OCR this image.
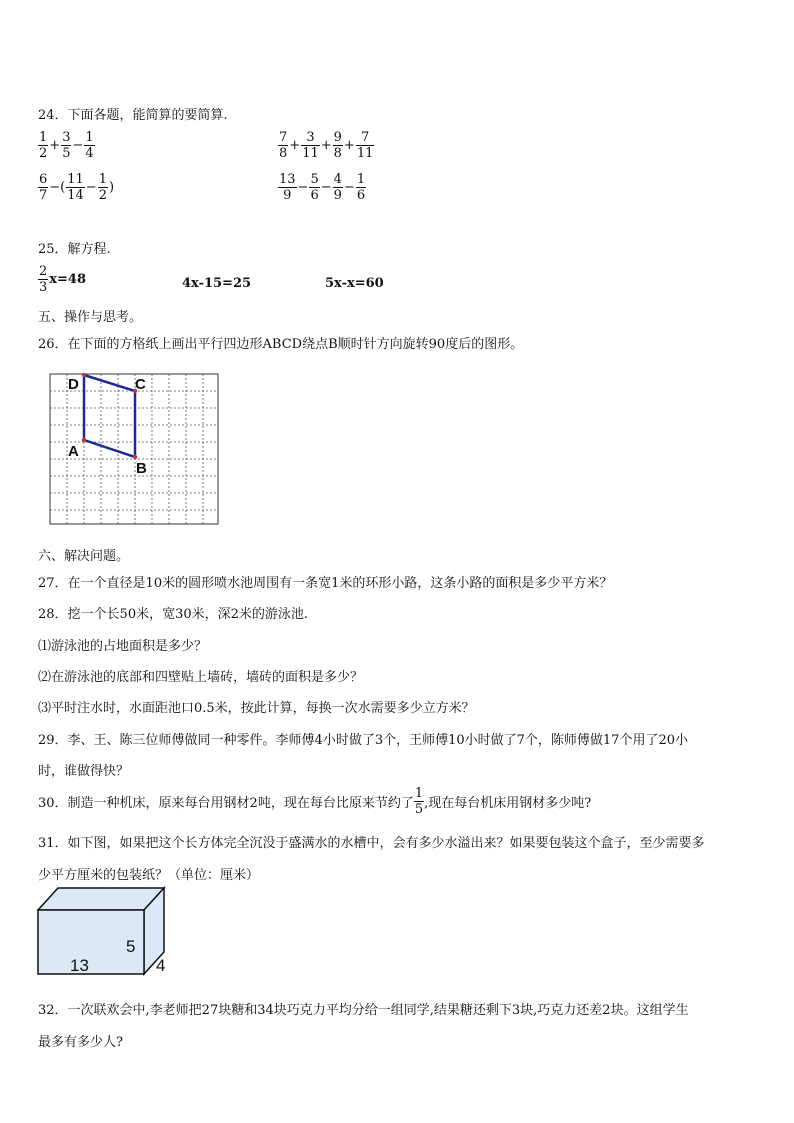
24．下面各题，能简算的要简算.
$\frac{1}{2} + \frac{3}{5} - \frac{1}{4}$	$\frac{7}{8} + \frac{3}{11} + \frac{9}{8} + \frac{7}{11}$
$\frac{6}{7}$ −( $\frac{11}{14} - \frac{1}{2}$ )	$\frac{13}{9} - \frac{5}{6} - \frac{4}{9} - \frac{1}{6}$
25．解方程.
$\frac{2}{3} x=48$	4x-15=25	5x-x=60
五、操作与思考。
26．在下面的方格纸上画出平行四边形ABCD绕点B顺时针方向旋转90度后的图形。
D	C
A
B
六、解决问题。
27．在一个直径是10米的圆形喷水池周围有一条宽1米的环形小路，这条小路的面积是多少平方米？
28．挖一个长50米，宽30米，深2米的游泳池.
⑴游泳池的占地面积是多少？
⑵在游泳池的底部和四壁贴上墙砖，墙砖的面积是多少？
⑶平时注水时，水面距池口0.5米，按此计算，每换一次水需要多少立方米？
29．李、王、陈三位师傅做同一种零件。李师傅4小时做了3个，王师傅10小时做了7个，陈师傅做17个用了20小
时，谁做得快？
30．制造一种机床，原来每台用钢材2吨，现在每台比原来节约了 $\frac{1}{5}$ ,现在每台机床用钢材多少吨?
31．如下图，如果把这个长方体完全沉没于盛满水的水槽中，会有多少水溢出来？如果要包装这个盒子，至少需要多
少平方厘米的包装纸？（单位：厘米）
13
5
4
32．一次联欢会中,李老师把27块糖和34块巧克力平均分给一组同学,结果糖还剩下3块,巧克力还差2块。这组学生
最多有多少人?
